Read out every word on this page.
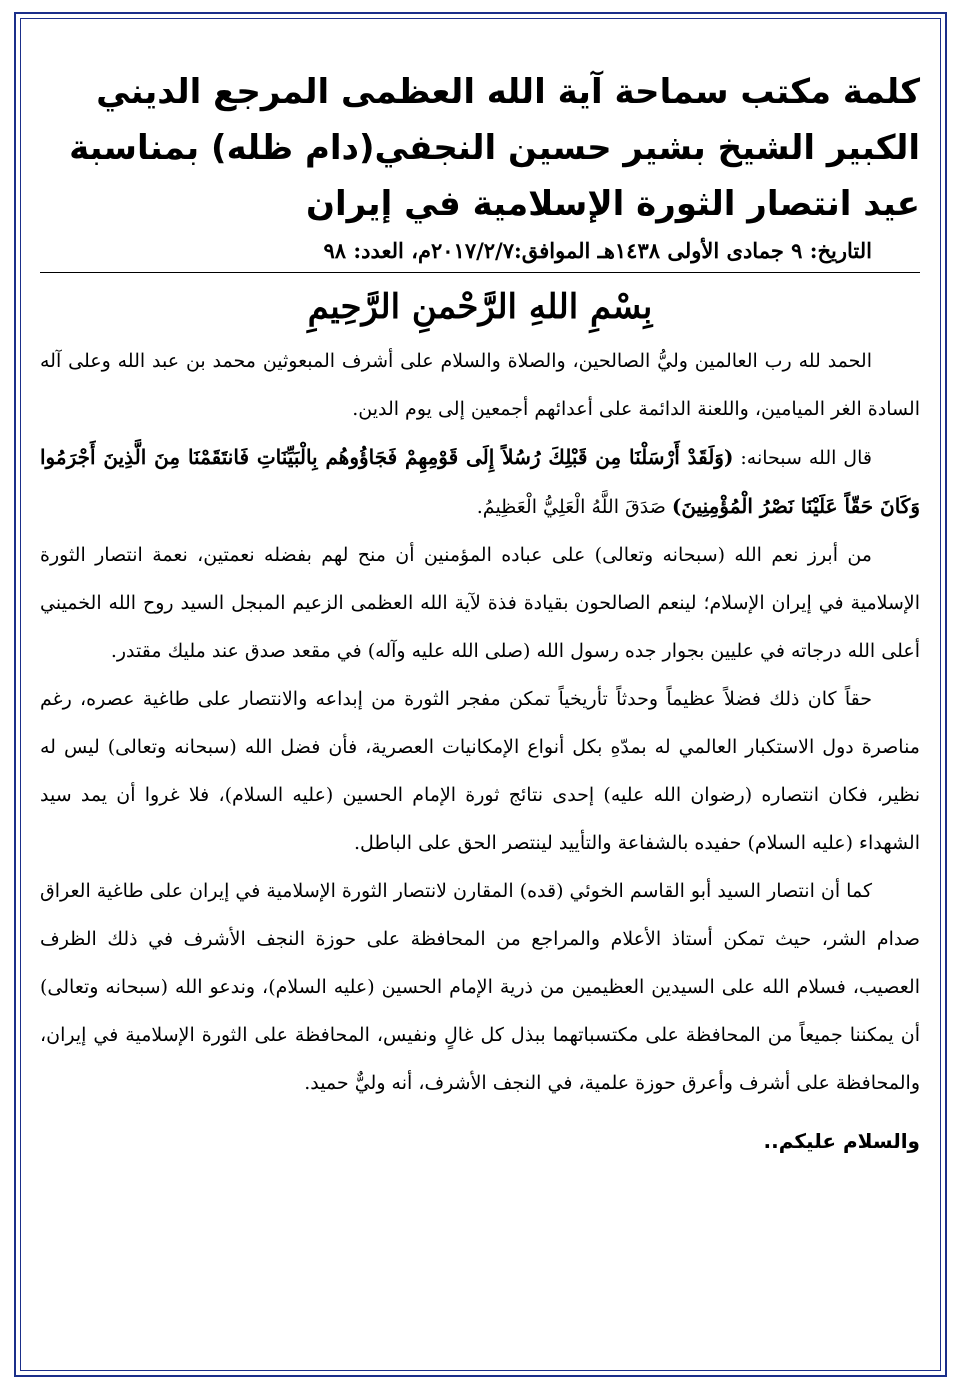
كلمة مكتب سماحة آية الله العظمى المرجع الديني الكبير الشيخ بشير حسين النجفي(دام ظله) بمناسبة عيد انتصار الثورة الإسلامية في إيران
التاريخ: ٩ جمادى الأولى ١٤٣٨هـ الموافق:٢٠١٧/٢/٧م، العدد: ٩٨
بِسْمِ اللهِ الرَّحْمنِ الرَّحِيمِ

الحمد لله رب العالمين وليُّ الصالحين، والصلاة والسلام على أشرف المبعوثين محمد بن عبد الله وعلى آله السادة الغر الميامين، واللعنة الدائمة على أعدائهم أجمعين إلى يوم الدين.

قال الله سبحانه: (وَلَقَدْ أَرْسَلْنَا مِن قَبْلِكَ رُسُلاً إِلَى قَوْمِهِمْ فَجَاؤُوهُم بِالْبَيِّنَاتِ فَانتَقَمْنَا مِنَ الَّذِينَ أَجْرَمُوا وَكَانَ حَقّاً عَلَيْنَا نَصْرُ الْمُؤْمِنِينَ) صَدَقَ اللَّهُ الْعَلِيُّ الْعَظِيمُ.

من أبرز نعم الله (سبحانه وتعالى) على عباده المؤمنين أن منح لهم بفضله نعمتين، نعمة انتصار الثورة الإسلامية في إيران الإسلام؛ لينعم الصالحون بقيادة فذة لآية الله العظمى الزعيم المبجل السيد روح الله الخميني أعلى الله درجاته في عليين بجوار جده رسول الله (صلى الله عليه وآله) في مقعد صدق عند مليك مقتدر.

حقاً كان ذلك فضلاً عظيماً وحدثاً تأريخياً تمكن مفجر الثورة من إبداعه والانتصار على طاغية عصره، رغم مناصرة دول الاستكبار العالمي له بمدّهِ بكل أنواع الإمكانيات العصرية، فأن فضل الله (سبحانه وتعالى) ليس له نظير، فكان انتصاره (رضوان الله عليه) إحدى نتائج ثورة الإمام الحسين (عليه السلام)، فلا غروا أن يمد سيد الشهداء (عليه السلام) حفيده بالشفاعة والتأييد لينتصر الحق على الباطل.

كما أن انتصار السيد أبو القاسم الخوئي (قده) المقارن لانتصار الثورة الإسلامية في إيران على طاغية العراق صدام الشر، حيث تمكن أستاذ الأعلام والمراجع من المحافظة على حوزة النجف الأشرف في ذلك الظرف العصيب، فسلام الله على السيدين العظيمين من ذرية الإمام الحسين (عليه السلام)، وندعو الله (سبحانه وتعالى) أن يمكننا جميعاً من المحافظة على مكتسباتهما ببذل كل غالٍ ونفيس، المحافظة على الثورة الإسلامية في إيران، والمحافظة على أشرف وأعرق حوزة علمية، في النجف الأشرف، أنه وليٌّ حميد.

والسلام عليكم..
